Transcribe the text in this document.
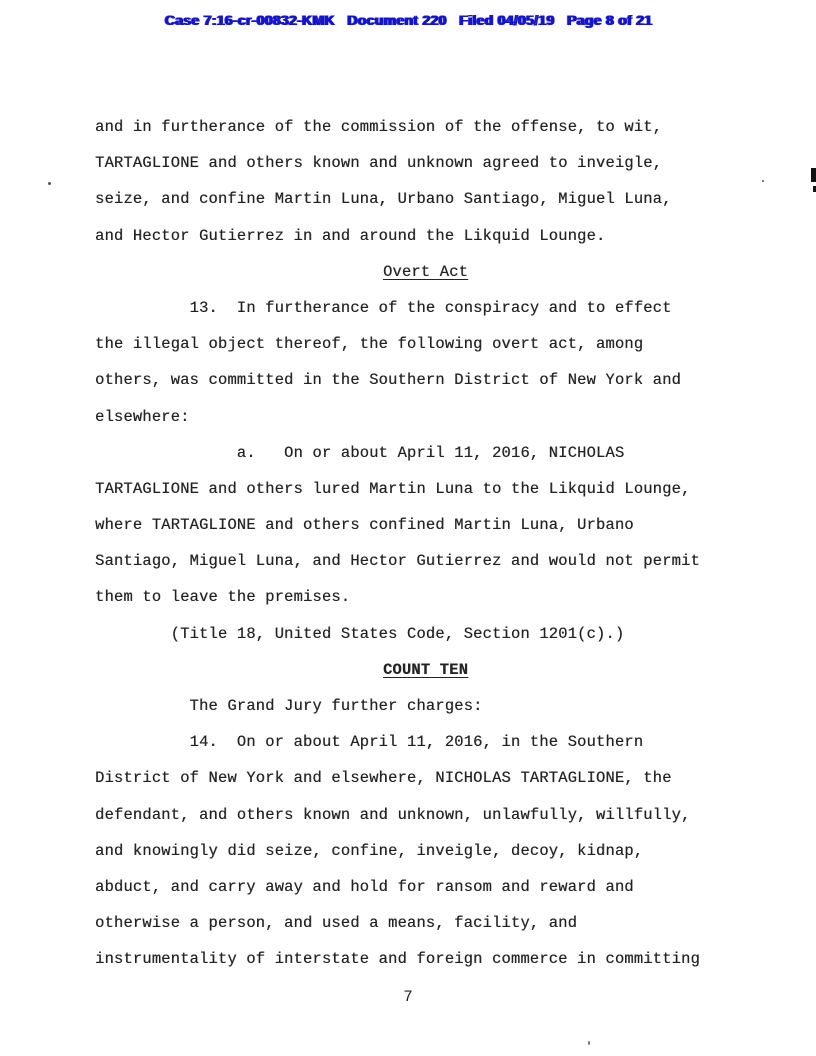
Case 7:16-cr-00832-KMK   Document 220   Filed 04/05/19   Page 8 of 21
and in furtherance of the commission of the offense, to wit,
TARTAGLIONE and others known and unknown agreed to inveigle,
seize, and confine Martin Luna, Urbano Santiago, Miguel Luna,
and Hector Gutierrez in and around the Likquid Lounge.
Overt Act
13.  In furtherance of the conspiracy and to effect
the illegal object thereof, the following overt act, among
others, was committed in the Southern District of New York and
elsewhere:
a.   On or about April 11, 2016, NICHOLAS
TARTAGLIONE and others lured Martin Luna to the Likquid Lounge,
where TARTAGLIONE and others confined Martin Luna, Urbano
Santiago, Miguel Luna, and Hector Gutierrez and would not permit
them to leave the premises.
(Title 18, United States Code, Section 1201(c).)
COUNT TEN
The Grand Jury further charges:
14.  On or about April 11, 2016, in the Southern
District of New York and elsewhere, NICHOLAS TARTAGLIONE, the
defendant, and others known and unknown, unlawfully, willfully,
and knowingly did seize, confine, inveigle, decoy, kidnap,
abduct, and carry away and hold for ransom and reward and
otherwise a person, and used a means, facility, and
instrumentality of interstate and foreign commerce in committing
7
